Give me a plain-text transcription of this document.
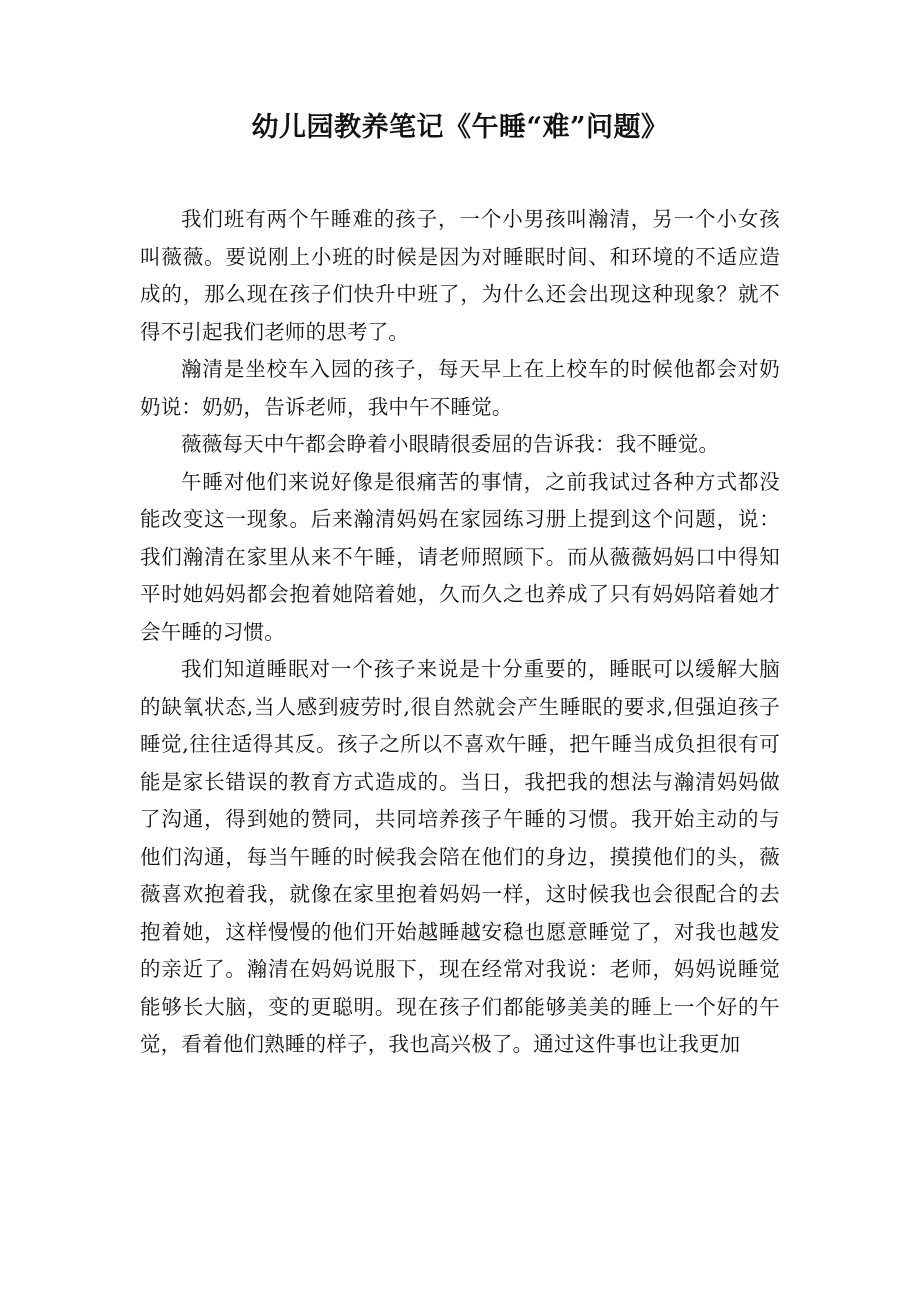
幼儿园教养笔记《午睡“难”问题》

我们班有两个午睡难的孩子，一个小男孩叫瀚清，另一个小女孩叫薇薇。要说刚上小班的时候是因为对睡眠时间、和环境的不适应造成的，那么现在孩子们快升中班了，为什么还会出现这种现象？就不得不引起我们老师的思考了。

瀚清是坐校车入园的孩子，每天早上在上校车的时候他都会对奶奶说：奶奶，告诉老师，我中午不睡觉。

薇薇每天中午都会睁着小眼睛很委屈的告诉我：我不睡觉。

午睡对他们来说好像是很痛苦的事情，之前我试过各种方式都没能改变这一现象。后来瀚清妈妈在家园练习册上提到这个问题，说：我们瀚清在家里从来不午睡，请老师照顾下。而从薇薇妈妈口中得知平时她妈妈都会抱着她陪着她，久而久之也养成了只有妈妈陪着她才会午睡的习惯。

我们知道睡眠对一个孩子来说是十分重要的，睡眠可以缓解大脑的缺氧状态,当人感到疲劳时,很自然就会产生睡眠的要求,但强迫孩子睡觉,往往适得其反。孩子之所以不喜欢午睡，把午睡当成负担很有可能是家长错误的教育方式造成的。当日，我把我的想法与瀚清妈妈做了沟通，得到她的赞同，共同培养孩子午睡的习惯。我开始主动的与他们沟通，每当午睡的时候我会陪在他们的身边，摸摸他们的头，薇薇喜欢抱着我，就像在家里抱着妈妈一样，这时候我也会很配合的去抱着她，这样慢慢的他们开始越睡越安稳也愿意睡觉了，对我也越发的亲近了。瀚清在妈妈说服下，现在经常对我说：老师，妈妈说睡觉能够长大脑，变的更聪明。现在孩子们都能够美美的睡上一个好的午觉，看着他们熟睡的样子，我也高兴极了。通过这件事也让我更加
